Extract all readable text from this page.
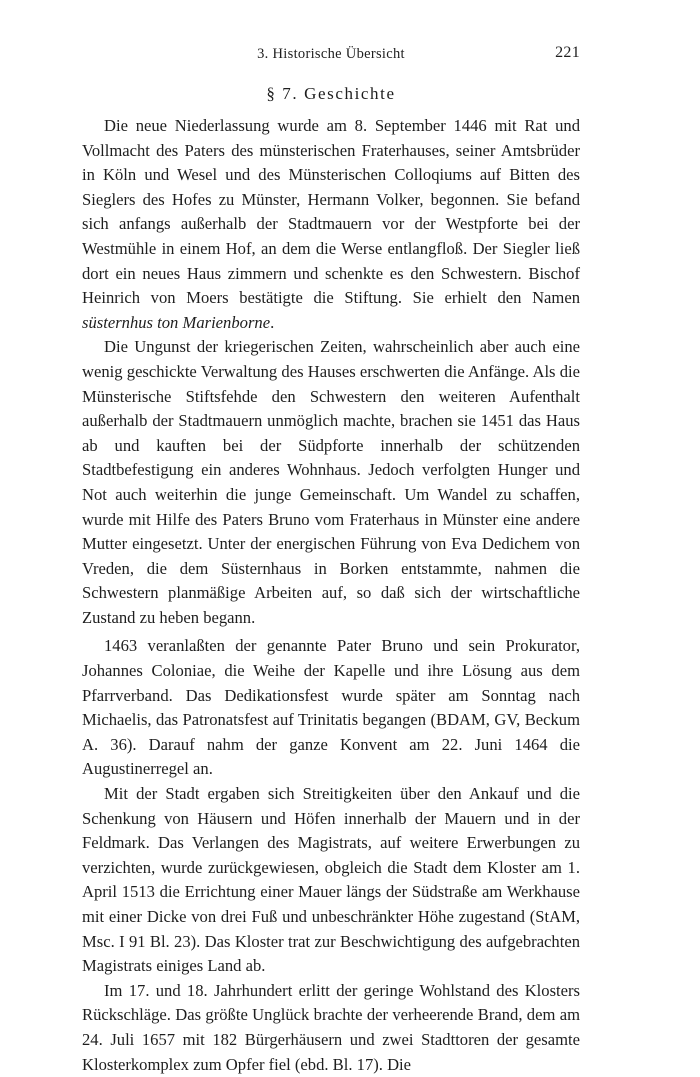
3. Historische Übersicht	221
§ 7. Geschichte

Die neue Niederlassung wurde am 8. September 1446 mit Rat und Vollmacht des Paters des münsterischen Fraterhauses, seiner Amtsbrüder in Köln und Wesel und des Münsterischen Colloqiums auf Bitten des Sieglers des Hofes zu Münster, Hermann Volker, begonnen. Sie befand sich anfangs außerhalb der Stadtmauern vor der Westpforte bei der Westmühle in einem Hof, an dem die Werse entlangfloß. Der Siegler ließ dort ein neues Haus zimmern und schenkte es den Schwestern. Bischof Heinrich von Moers bestätigte die Stiftung. Sie erhielt den Namen süsternhus ton Marienborne.

Die Ungunst der kriegerischen Zeiten, wahrscheinlich aber auch eine wenig geschickte Verwaltung des Hauses erschwerten die Anfänge. Als die Münsterische Stiftsfehde den Schwestern den weiteren Aufenthalt außerhalb der Stadtmauern unmöglich machte, brachen sie 1451 das Haus ab und kauften bei der Südpforte innerhalb der schützenden Stadtbefestigung ein anderes Wohnhaus. Jedoch verfolgten Hunger und Not auch weiterhin die junge Gemeinschaft. Um Wandel zu schaffen, wurde mit Hilfe des Paters Bruno vom Fraterhaus in Münster eine andere Mutter eingesetzt. Unter der energischen Führung von Eva Dedichem von Vreden, die dem Süsternhaus in Borken entstammte, nahmen die Schwestern planmäßige Arbeiten auf, so daß sich der wirtschaftliche Zustand zu heben begann.

1463 veranlaßten der genannte Pater Bruno und sein Prokurator, Johannes Coloniae, die Weihe der Kapelle und ihre Lösung aus dem Pfarrverband. Das Dedikationsfest wurde später am Sonntag nach Michaelis, das Patronatsfest auf Trinitatis begangen (BDAM, GV, Beckum A. 36). Darauf nahm der ganze Konvent am 22. Juni 1464 die Augustinerregel an.

Mit der Stadt ergaben sich Streitigkeiten über den Ankauf und die Schenkung von Häusern und Höfen innerhalb der Mauern und in der Feldmark. Das Verlangen des Magistrats, auf weitere Erwerbungen zu verzichten, wurde zurückgewiesen, obgleich die Stadt dem Kloster am 1. April 1513 die Errichtung einer Mauer längs der Südstraße am Werkhause mit einer Dicke von drei Fuß und unbeschränkter Höhe zugestand (StAM, Msc. I 91 Bl. 23). Das Kloster trat zur Beschwichtigung des aufgebrachten Magistrats einiges Land ab.

Im 17. und 18. Jahrhundert erlitt der geringe Wohlstand des Klosters Rückschläge. Das größte Unglück brachte der verheerende Brand, dem am 24. Juli 1657 mit 182 Bürgerhäusern und zwei Stadttoren der gesamte Klosterkomplex zum Opfer fiel (ebd. Bl. 17). Die
